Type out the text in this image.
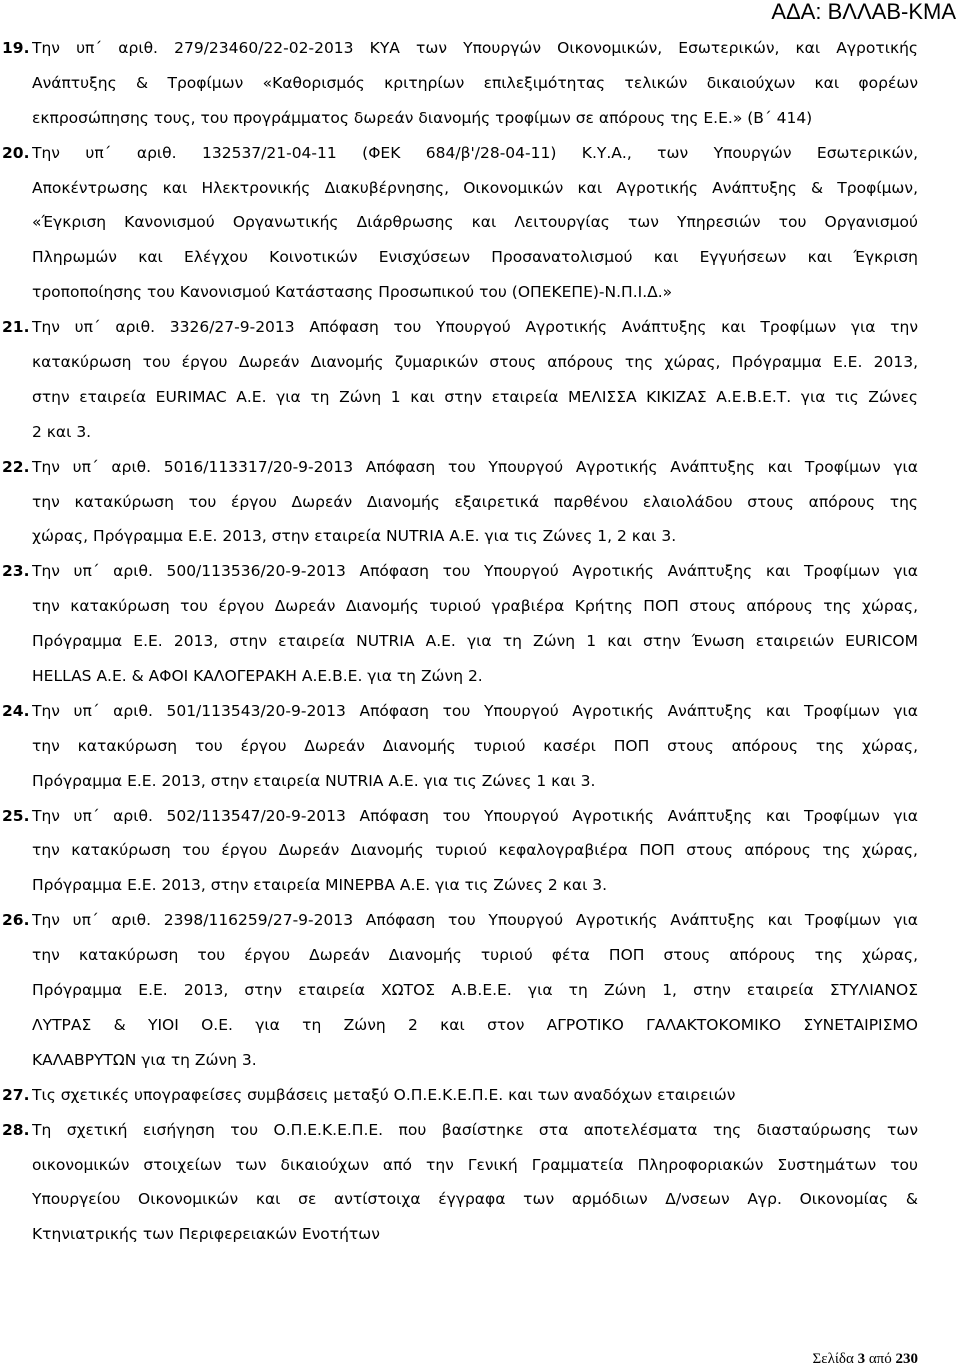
ΑΔΑ: ΒΛΛΑΒ-ΚΜΑ
19. Την υπ΄ αριθ. 279/23460/22-02-2013 ΚΥΑ των Υπουργών Οικονομικών, Εσωτερικών, και Αγροτικής
Ανάπτυξης & Τροφίμων «Καθορισμός κριτηρίων επιλεξιμότητας τελικών δικαιούχων και φορέων
εκπροσώπησης τους, του προγράμματος δωρεάν διανομής τροφίμων σε απόρους της Ε.Ε.» (Β΄ 414)
20. Την υπ΄ αριθ. 132537/21-04-11 (ΦΕΚ 684/β'/28-04-11) Κ.Υ.Α., των Υπουργών Εσωτερικών,
Αποκέντρωσης και Ηλεκτρονικής Διακυβέρνησης, Οικονομικών και Αγροτικής Ανάπτυξης & Τροφίμων,
«Έγκριση Κανονισμού Οργανωτικής Διάρθρωσης και Λειτουργίας των Υπηρεσιών του Οργανισμού
Πληρωμών και Ελέγχου Κοινοτικών Ενισχύσεων Προσανατολισμού και Εγγυήσεων και Έγκριση
τροποποίησης του Κανονισμού Κατάστασης Προσωπικού του (ΟΠΕΚΕΠΕ)-Ν.Π.Ι.Δ.»
21. Την υπ΄ αριθ. 3326/27-9-2013 Απόφαση του Υπουργού Αγροτικής Ανάπτυξης και Τροφίμων για την
κατακύρωση του έργου Δωρεάν Διανομής ζυμαρικών στους απόρους της χώρας, Πρόγραμμα Ε.Ε. 2013,
στην εταιρεία EURIMAC Α.Ε. για τη Ζώνη 1 και στην εταιρεία ΜΕΛΙΣΣΑ ΚΙΚΙΖΑΣ Α.Ε.Β.Ε.Τ. για τις Ζώνες
2 και 3.
22. Την υπ΄ αριθ. 5016/113317/20-9-2013 Απόφαση του Υπουργού Αγροτικής Ανάπτυξης και Τροφίμων για
την κατακύρωση του έργου Δωρεάν Διανομής εξαιρετικά παρθένου ελαιολάδου στους απόρους της
χώρας, Πρόγραμμα Ε.Ε. 2013, στην εταιρεία NUTRIA Α.Ε. για τις Ζώνες 1, 2 και 3.
23. Την υπ΄ αριθ. 500/113536/20-9-2013 Απόφαση του Υπουργού Αγροτικής Ανάπτυξης και Τροφίμων για
την κατακύρωση του έργου Δωρεάν Διανομής τυριού γραβιέρα Κρήτης ΠΟΠ στους απόρους της χώρας,
Πρόγραμμα Ε.Ε. 2013, στην εταιρεία NUTRIA Α.Ε. για τη Ζώνη 1 και στην Ένωση εταιρειών EURICOM
HELLAS Α.Ε. & ΑΦΟΙ ΚΑΛΟΓΕΡΑΚΗ Α.Ε.Β.Ε. για τη Ζώνη 2.
24. Την υπ΄ αριθ. 501/113543/20-9-2013 Απόφαση του Υπουργού Αγροτικής Ανάπτυξης και Τροφίμων για
την κατακύρωση του έργου Δωρεάν Διανομής τυριού κασέρι ΠΟΠ στους απόρους της χώρας,
Πρόγραμμα Ε.Ε. 2013, στην εταιρεία NUTRIA Α.Ε. για τις Ζώνες 1 και 3.
25. Την υπ΄ αριθ. 502/113547/20-9-2013 Απόφαση του Υπουργού Αγροτικής Ανάπτυξης και Τροφίμων για
την κατακύρωση του έργου Δωρεάν Διανομής τυριού κεφαλογραβιέρα ΠΟΠ στους απόρους της χώρας,
Πρόγραμμα Ε.Ε. 2013, στην εταιρεία ΜΙΝΕΡΒΑ Α.Ε. για τις Ζώνες 2 και 3.
26. Την υπ΄ αριθ. 2398/116259/27-9-2013 Απόφαση του Υπουργού Αγροτικής Ανάπτυξης και Τροφίμων για
την κατακύρωση του έργου Δωρεάν Διανομής τυριού φέτα ΠΟΠ στους απόρους της χώρας,
Πρόγραμμα Ε.Ε. 2013, στην εταιρεία ΧΩΤΟΣ Α.Β.Ε.Ε. για τη Ζώνη 1, στην εταιρεία ΣΤΥΛΙΑΝΟΣ
ΛΥΤΡΑΣ & ΥΙΟΙ Ο.Ε. για τη Ζώνη 2 και στον ΑΓΡΟΤΙΚΟ ΓΑΛΑΚΤΟΚΟΜΙΚΟ ΣΥΝΕΤΑΙΡΙΣΜΟ
ΚΑΛΑΒΡΥΤΩΝ για τη Ζώνη 3.
27. Τις σχετικές υπογραφείσες συμβάσεις μεταξύ Ο.Π.Ε.Κ.Ε.Π.Ε. και των αναδόχων εταιρειών
28. Τη σχετική εισήγηση του Ο.Π.Ε.Κ.Ε.Π.Ε. που βασίστηκε στα αποτελέσματα της διασταύρωσης των
οικονομικών στοιχείων των δικαιούχων από την Γενική Γραμματεία Πληροφοριακών Συστημάτων του
Υπουργείου Οικονομικών και σε αντίστοιχα έγγραφα των αρμόδιων Δ/νσεων Αγρ. Οικονομίας &
Κτηνιατρικής των Περιφερειακών Ενοτήτων
Σελίδα 3 από 230
